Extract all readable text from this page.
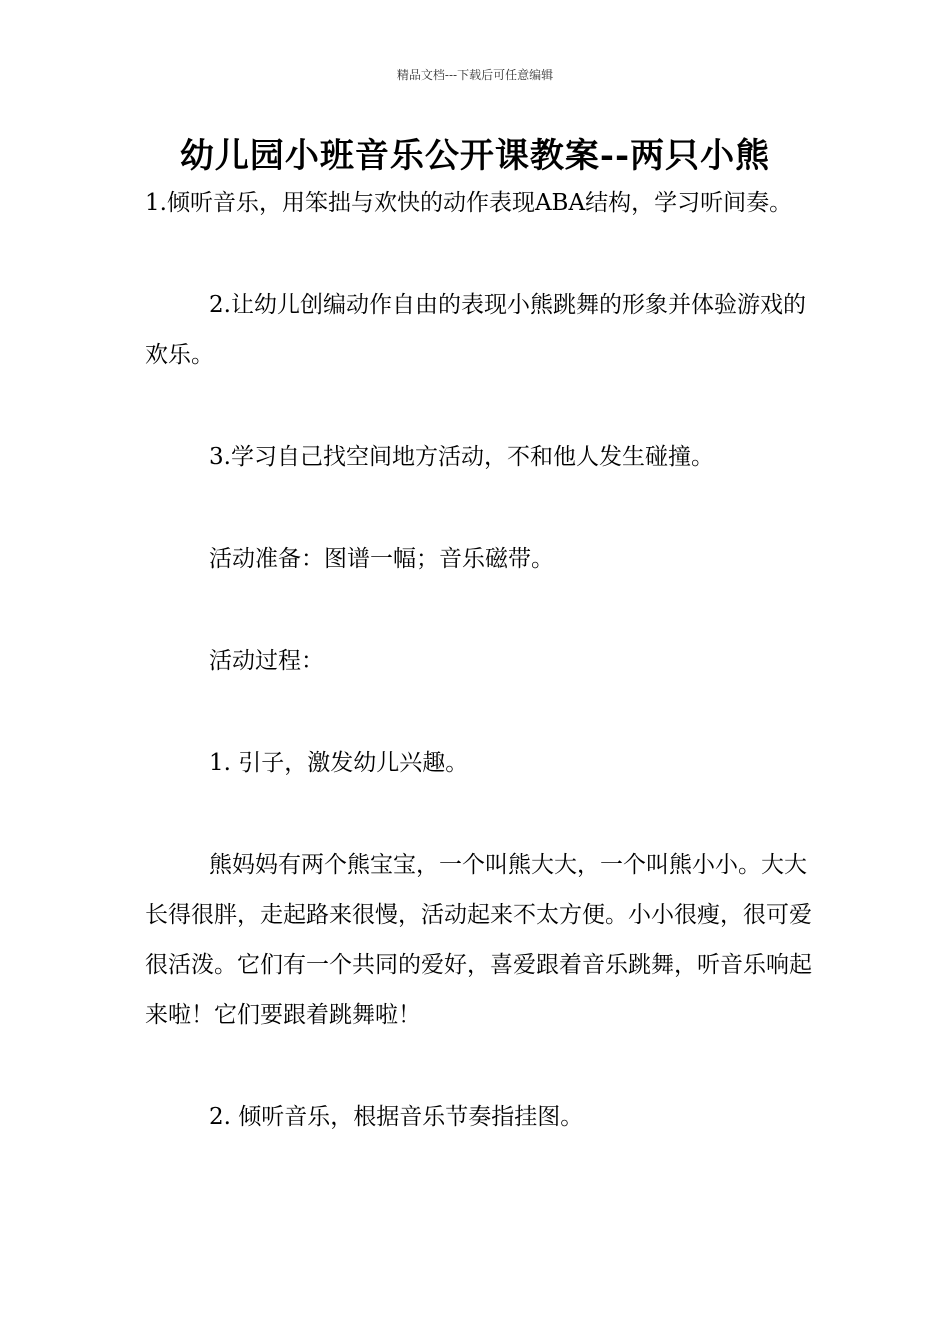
精品文档---下载后可任意编辑
幼儿园小班音乐公开课教案--两只小熊

1.倾听音乐，用笨拙与欢快的动作表现ABA结构，学习听间奏。

2.让幼儿创编动作自由的表现小熊跳舞的形象并体验游戏的欢乐。

3.学习自己找空间地方活动，不和他人发生碰撞。

活动准备：图谱一幅；音乐磁带。

活动过程：

1. 引子，激发幼儿兴趣。

熊妈妈有两个熊宝宝，一个叫熊大大，一个叫熊小小。大大长得很胖，走起路来很慢，活动起来不太方便。小小很瘦，很可爱很活泼。它们有一个共同的爱好，喜爱跟着音乐跳舞，听音乐响起来啦！它们要跟着跳舞啦！

2. 倾听音乐，根据音乐节奏指挂图。
